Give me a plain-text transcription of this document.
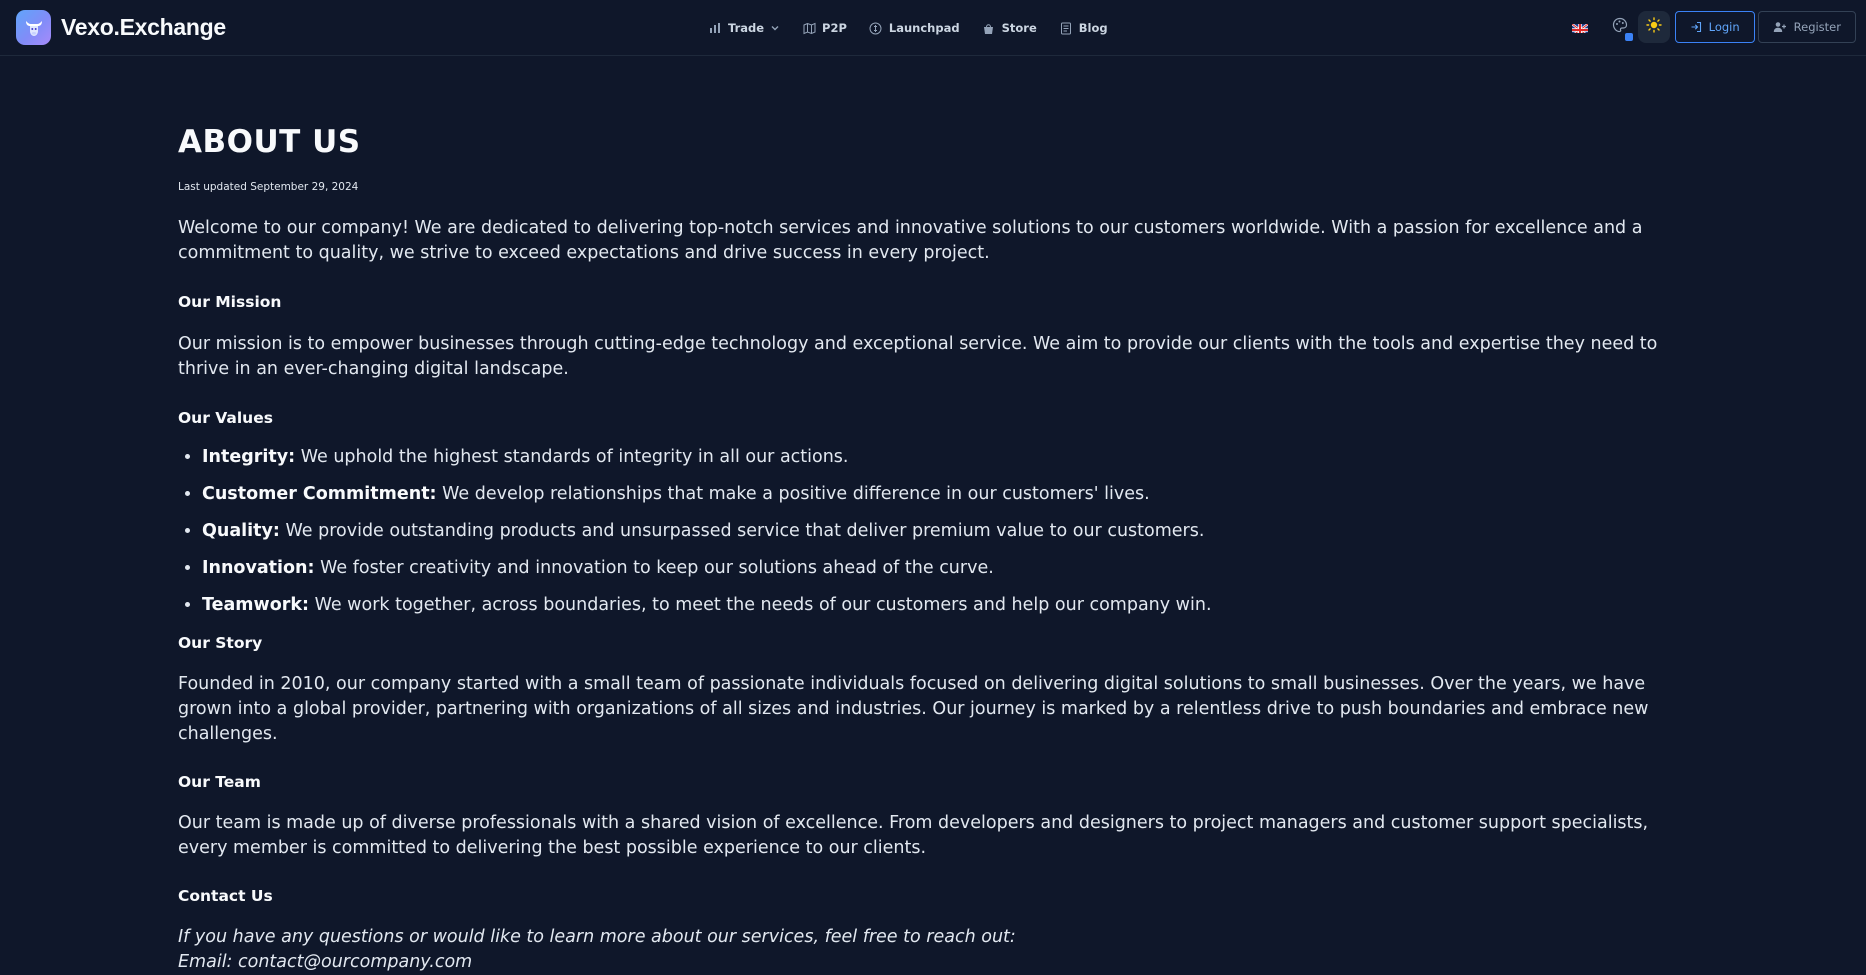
Vexo.Exchange	Trade	P2P	Launchpad	Store	Blog	Login	Register
ABOUT US
Last updated September 29, 2024

Welcome to our company! We are dedicated to delivering top-notch services and innovative solutions to our customers worldwide. With a passion for excellence and a commitment to quality, we strive to exceed expectations and drive success in every project.

Our Mission

Our mission is to empower businesses through cutting-edge technology and exceptional service. We aim to provide our clients with the tools and expertise they need to thrive in an ever-changing digital landscape.

Our Values
• Integrity: We uphold the highest standards of integrity in all our actions.
• Customer Commitment: We develop relationships that make a positive difference in our customers' lives.
• Quality: We provide outstanding products and unsurpassed service that deliver premium value to our customers.
• Innovation: We foster creativity and innovation to keep our solutions ahead of the curve.
• Teamwork: We work together, across boundaries, to meet the needs of our customers and help our company win.
Our Story

Founded in 2010, our company started with a small team of passionate individuals focused on delivering digital solutions to small businesses. Over the years, we have grown into a global provider, partnering with organizations of all sizes and industries. Our journey is marked by a relentless drive to push boundaries and embrace new challenges.

Our Team

Our team is made up of diverse professionals with a shared vision of excellence. From developers and designers to project managers and customer support specialists, every member is committed to delivering the best possible experience to our clients.

Contact Us

If you have any questions or would like to learn more about our services, feel free to reach out:

Email: contact@ourcompany.com
